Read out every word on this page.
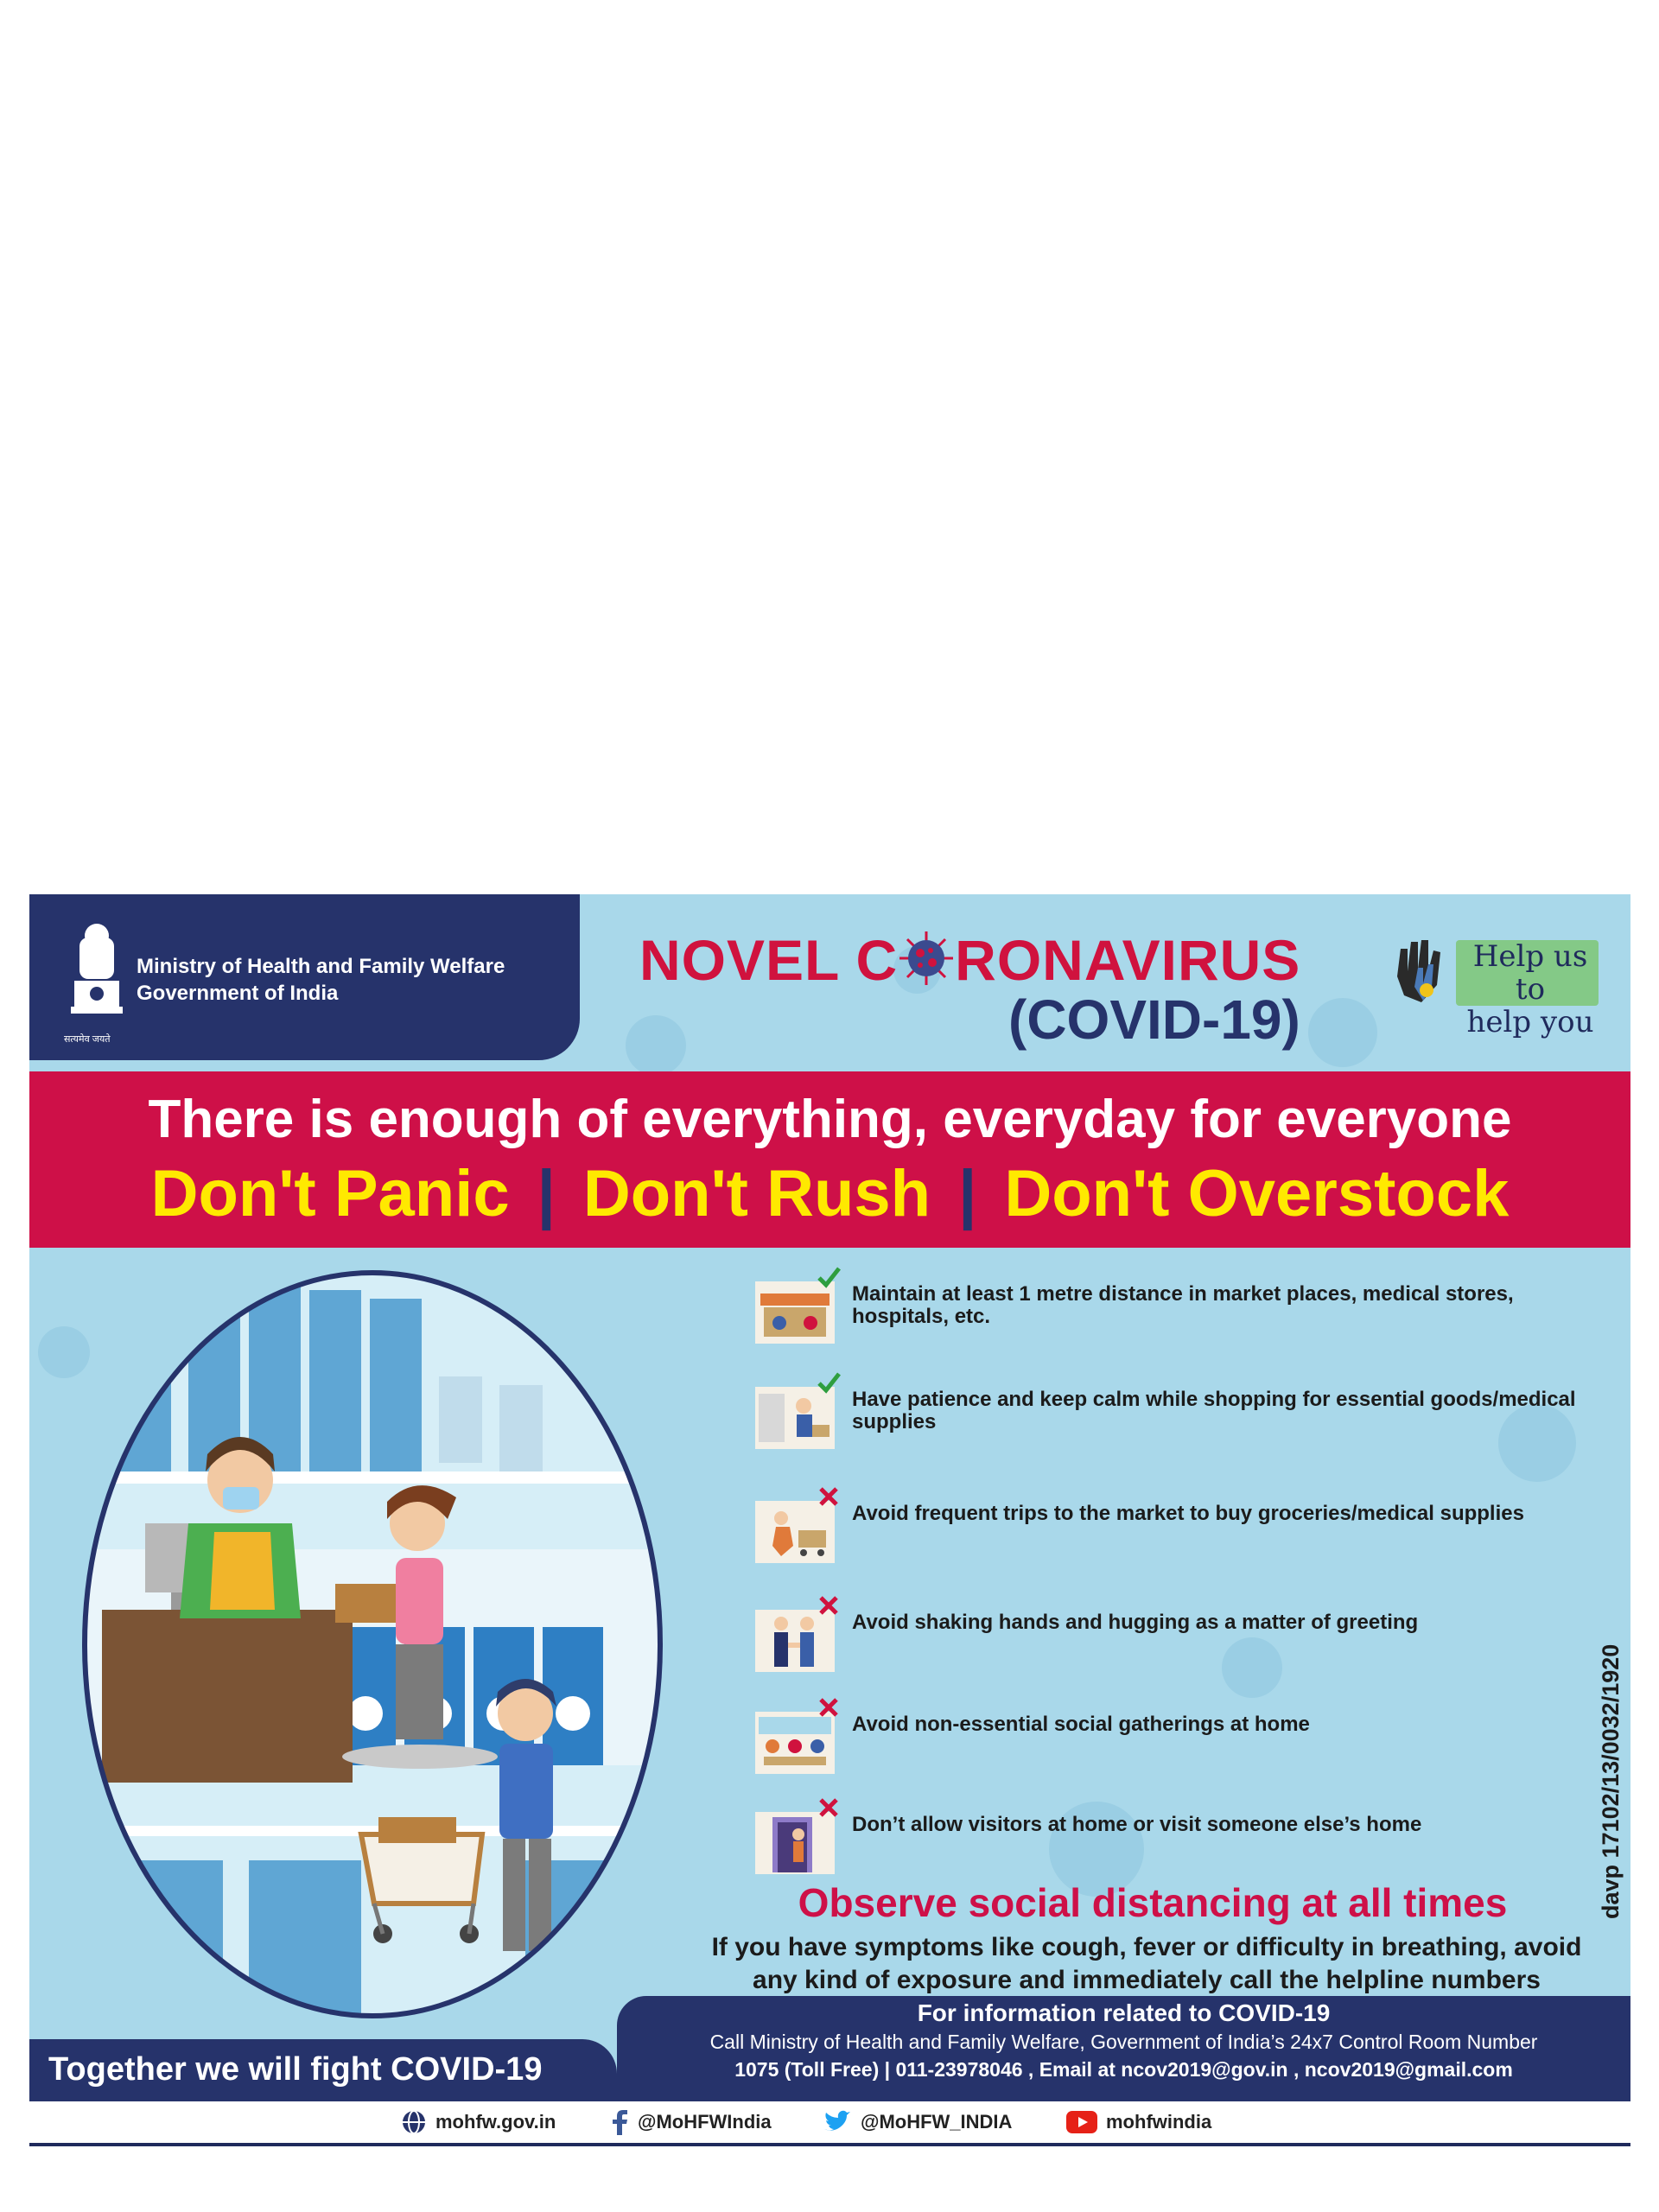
सत्यमेव जयते
Ministry of Health and Family Welfare
Government of India
NOVEL C RONAVIRUS
(COVID-19)
Help us to
help you
There is enough of everything, everyday for everyone
Don't Panic | Don't Rush | Don't Overstock
Maintain at least 1 metre distance in market places, medical stores, hospitals, etc.
Have patience and keep calm while shopping for essential goods/medical supplies
Avoid frequent trips to the market to buy groceries/medical supplies
Avoid shaking hands and hugging as a matter of greeting
Avoid non-essential social gatherings at home
Don’t allow visitors at home or visit someone else’s home	davp 17102/13/0032/1920
Observe social distancing at all times
If you have symptoms like cough, fever or difficulty in breathing, avoid
any kind of exposure and immediately call the helpline numbers
Together we will fight COVID-19
For information related to COVID-19
Call Ministry of Health and Family Welfare, Government of India’s 24x7 Control Room Number
1075 (Toll Free) | 011-23978046 , Email at ncov2019@gov.in , ncov2019@gmail.com
mohfw.gov.in	@MoHFWIndia	@MoHFW_INDIA	mohfwindia
